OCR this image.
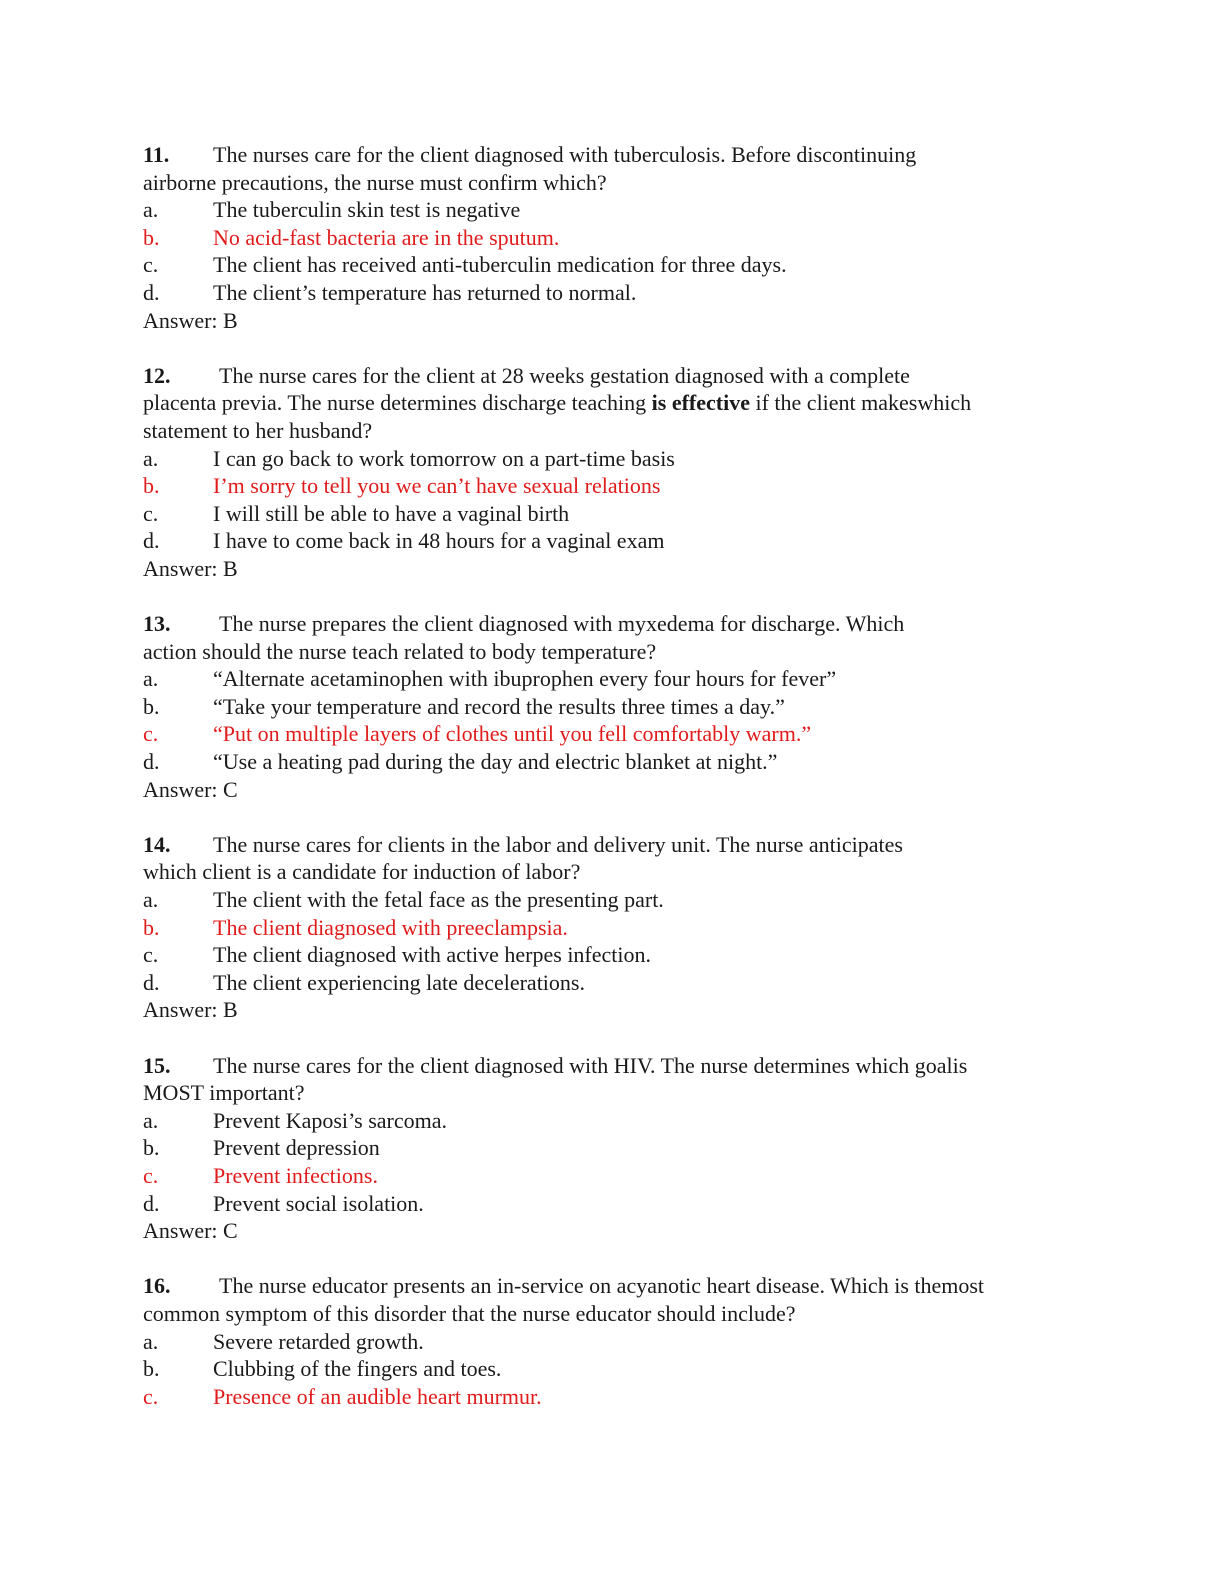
11.	The nurses care for the client diagnosed with tuberculosis. Before discontinuing
airborne precautions, the nurse must confirm which?
a.	The tuberculin skin test is negative
b.	No acid-fast bacteria are in the sputum.
c.	The client has received anti-tuberculin medication for three days.
d.	The client’s temperature has returned to normal.
Answer: B
12.	The nurse cares for the client at 28 weeks gestation diagnosed with a complete
placenta previa. The nurse determines discharge teaching is effective if the client makeswhich
statement to her husband?
a.	I can go back to work tomorrow on a part-time basis
b.	I’m sorry to tell you we can’t have sexual relations
c.	I will still be able to have a vaginal birth
d.	I have to come back in 48 hours for a vaginal exam
Answer: B
13.	The nurse prepares the client diagnosed with myxedema for discharge. Which
action should the nurse teach related to body temperature?
a.	“Alternate acetaminophen with ibuprophen every four hours for fever”
b.	“Take your temperature and record the results three times a day.”
c.	“Put on multiple layers of clothes until you fell comfortably warm.”
d.	“Use a heating pad during the day and electric blanket at night.”
Answer: C
14.	The nurse cares for clients in the labor and delivery unit. The nurse anticipates
which client is a candidate for induction of labor?
a.	The client with the fetal face as the presenting part.
b.	The client diagnosed with preeclampsia.
c.	The client diagnosed with active herpes infection.
d.	The client experiencing late decelerations.
Answer: B
15.	The nurse cares for the client diagnosed with HIV. The nurse determines which goalis
MOST important?
a.	Prevent Kaposi’s sarcoma.
b.	Prevent depression
c.	Prevent infections.
d.	Prevent social isolation.
Answer: C
16.	The nurse educator presents an in-service on acyanotic heart disease. Which is themost
common symptom of this disorder that the nurse educator should include?
a.	Severe retarded growth.
b.	Clubbing of the fingers and toes.
c.	Presence of an audible heart murmur.
